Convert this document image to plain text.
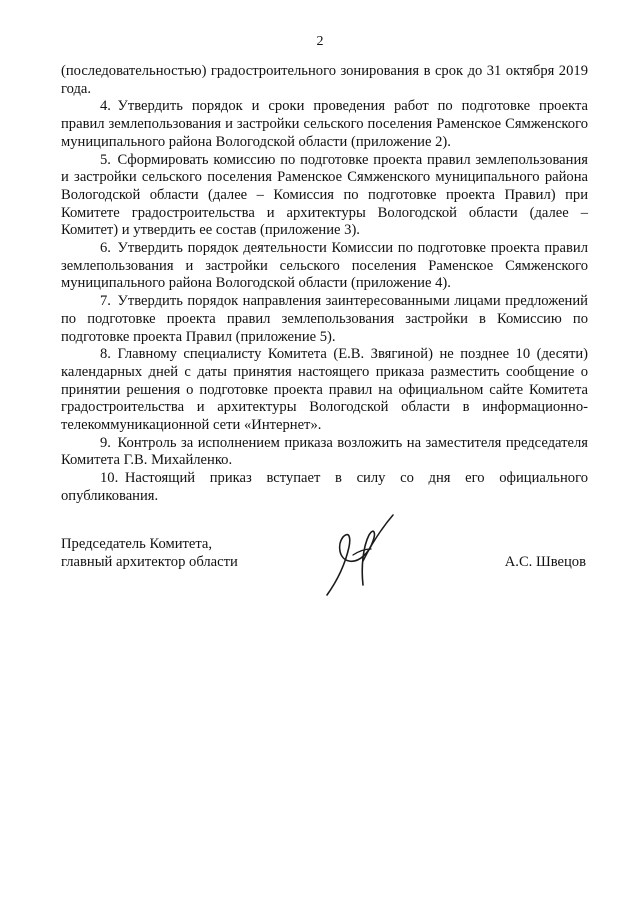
2

(последовательностью) градостроительного зонирования в срок до 31 октября 2019 года.

4. Утвердить порядок и сроки проведения работ по подготовке проекта правил землепользования и застройки сельского поселения Раменское Сямженского муниципального района Вологодской области (приложение 2).

5. Сформировать комиссию по подготовке проекта правил землепользования и застройки сельского поселения Раменское Сямженского муниципального района Вологодской области (далее – Комиссия по подготовке проекта Правил) при Комитете градостроительства и архитектуры Вологодской области (далее – Комитет) и утвердить ее состав (приложение 3).

6. Утвердить порядок деятельности Комиссии по подготовке проекта правил землепользования и застройки сельского поселения Раменское Сямженского муниципального района Вологодской области (приложение 4).

7. Утвердить порядок направления заинтересованными лицами предложений по подготовке проекта правил землепользования застройки в Комиссию по подготовке проекта Правил (приложение 5).

8. Главному специалисту Комитета (Е.В. Звягиной) не позднее 10 (десяти) календарных дней с даты принятия настоящего приказа разместить сообщение о принятии решения о подготовке проекта правил на официальном сайте Комитета градостроительства и архитектуры Вологодской области в информационно-телекоммуникационной сети «Интернет».

9. Контроль за исполнением приказа возложить на заместителя председателя Комитета Г.В. Михайленко.

10. Настоящий приказ вступает в силу со дня его официального опубликования.

Председатель Комитета,
главный архитектор области	А.С. Швецов
